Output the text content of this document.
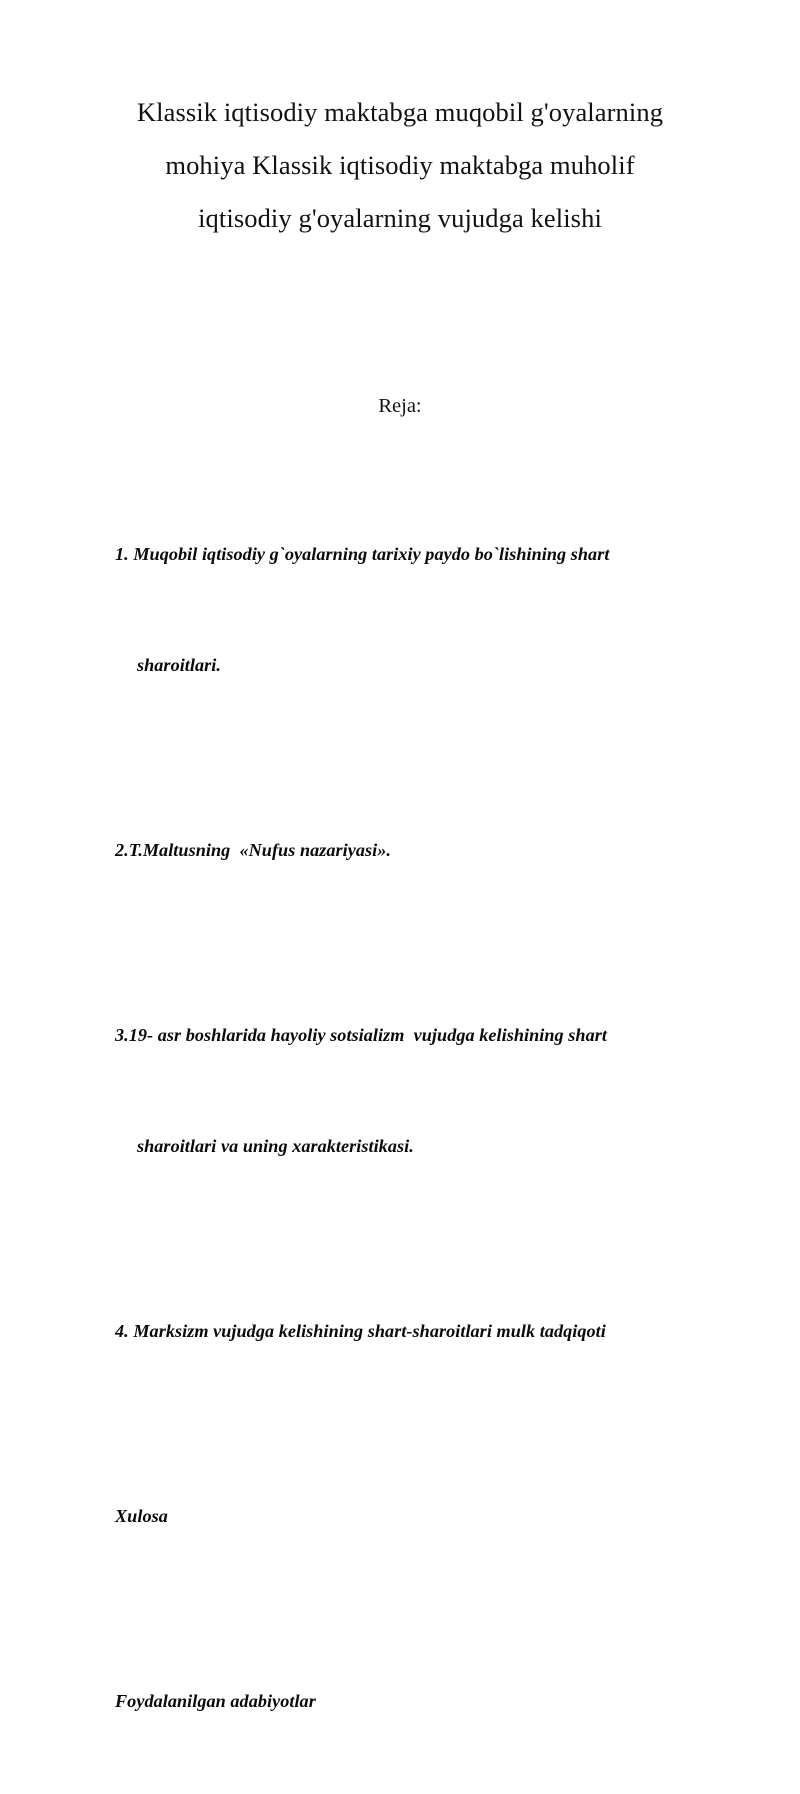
Klassik iqtisodiy maktabga muqobil g'oyalarning
mohiya Klassik iqtisodiy maktabga muholif
iqtisodiy g'oyalarning vujudga kelishi
Reja:

1. Muqobil iqtisodiy g`oyalarning tarixiy paydo bo`lishining shart

sharoitlari.

2.T.Maltusning  «Nufus nazariyasi».

3.19- asr boshlarida hayoliy sotsializm  vujudga kelishining shart

sharoitlari va uning xarakteristikasi.

4. Marksizm vujudga kelishining shart-sharoitlari mulk tadqiqoti

Xulosa

Foydalanilgan adabiyotlar
